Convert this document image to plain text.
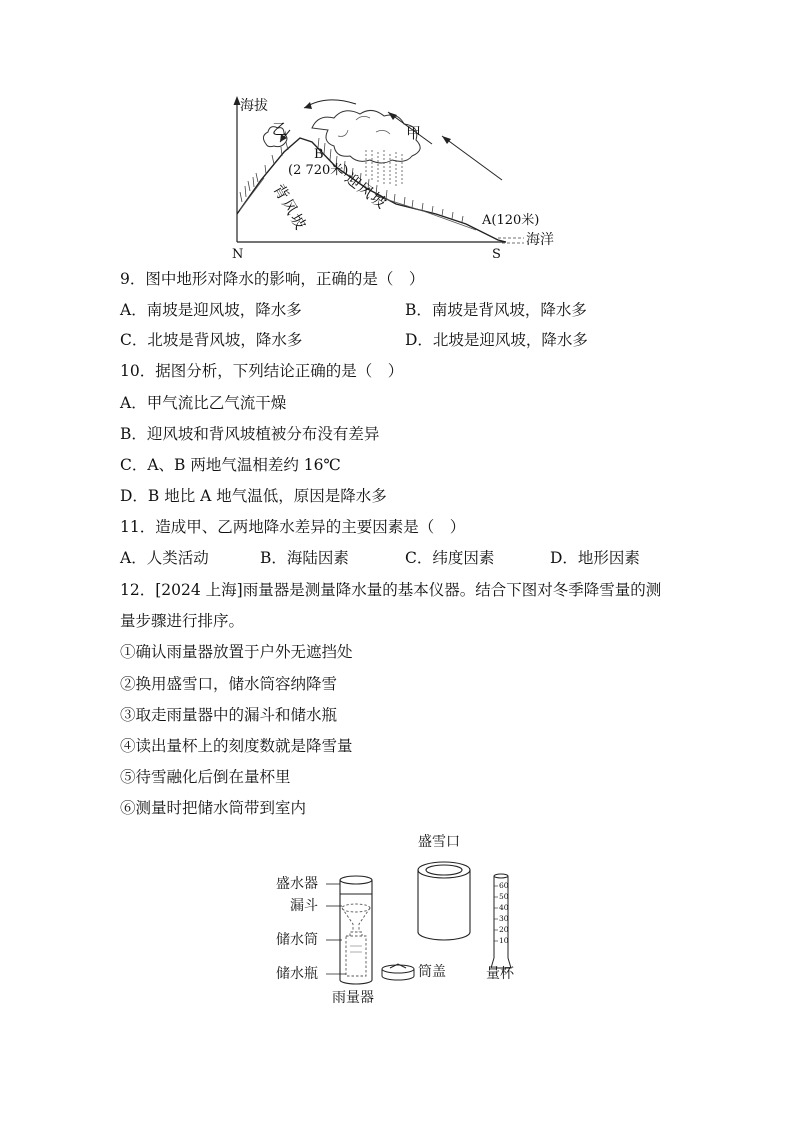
海拔
乙	甲
B
(2 720米)
背风坡 迎风坡
A(120米)
海洋
N	S
9．图中地形对降水的影响，正确的是（　）
A．南坡是迎风坡，降水多	B．南坡是背风坡，降水多
C．北坡是背风坡，降水多	D．北坡是迎风坡，降水多
10．据图分析，下列结论正确的是（　）
A．甲气流比乙气流干燥
B．迎风坡和背风坡植被分布没有差异
C．A、B 两地气温相差约 16℃
D．B 地比 A 地气温低，原因是降水多
11．造成甲、乙两地降水差异的主要因素是（　）
A．人类活动	B．海陆因素	C．纬度因素	D．地形因素
12．[2024 上海]雨量器是测量降水量的基本仪器。结合下图对冬季降雪量的测
量步骤进行排序。
①确认雨量器放置于户外无遮挡处
②换用盛雪口，储水筒容纳降雪
③取走雨量器中的漏斗和储水瓶
④读出量杯上的刻度数就是降雪量
⑤待雪融化后倒在量杯里
⑥测量时把储水筒带到室内
60
50
40
30
20
10
盛雪口
盛水器
漏斗
储水筒
储水瓶	筒盖	量杯
雨量器
